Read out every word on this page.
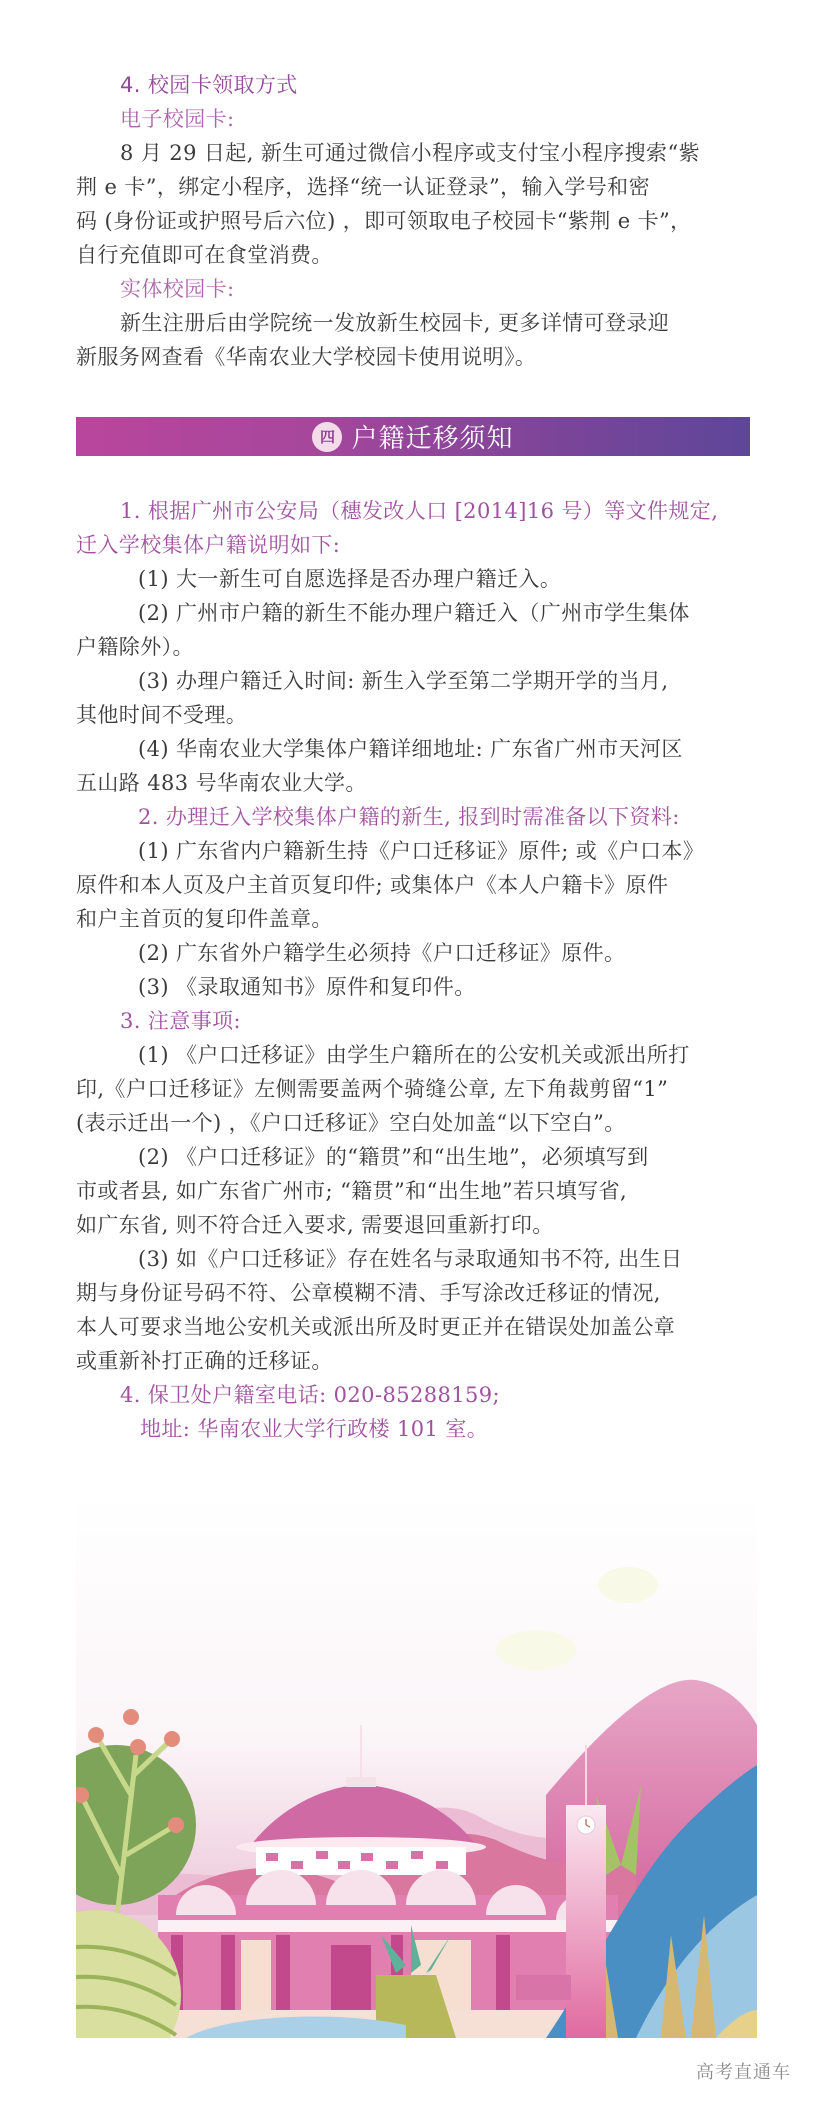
4. 校园卡领取方式
电子校园卡:
8 月 29 日起, 新生可通过微信小程序或支付宝小程序搜索“紫
荆 e 卡”，绑定小程序，选择“统一认证登录”，输入学号和密
码 (身份证或护照号后六位) ，即可领取电子校园卡“紫荆 e 卡”，
自行充值即可在食堂消费。
实体校园卡:
新生注册后由学院统一发放新生校园卡, 更多详情可登录迎
新服务网查看《华南农业大学校园卡使用说明》。
四 户籍迁移须知
1. 根据广州市公安局（穗发改人口 [2014]16 号）等文件规定,
迁入学校集体户籍说明如下:
(1) 大一新生可自愿选择是否办理户籍迁入。
(2) 广州市户籍的新生不能办理户籍迁入（广州市学生集体
户籍除外）。
(3) 办理户籍迁入时间: 新生入学至第二学期开学的当月,
其他时间不受理。
(4) 华南农业大学集体户籍详细地址: 广东省广州市天河区
五山路 483 号华南农业大学。
2. 办理迁入学校集体户籍的新生, 报到时需准备以下资料:
(1) 广东省内户籍新生持《户口迁移证》原件; 或《户口本》
原件和本人页及户主首页复印件; 或集体户《本人户籍卡》原件
和户主首页的复印件盖章。
(2) 广东省外户籍学生必须持《户口迁移证》原件。
(3) 《录取通知书》原件和复印件。
3. 注意事项:
(1) 《户口迁移证》由学生户籍所在的公安机关或派出所打
印,《户口迁移证》左侧需要盖两个骑缝公章, 左下角裁剪留“1”
(表示迁出一个) ，《户口迁移证》空白处加盖“以下空白”。
(2) 《户口迁移证》的“籍贯”和“出生地”，必须填写到
市或者县, 如广东省广州市; “籍贯”和“出生地”若只填写省,
如广东省, 则不符合迁入要求, 需要退回重新打印。
(3) 如《户口迁移证》存在姓名与录取通知书不符, 出生日
期与身份证号码不符、公章模糊不清、手写涂改迁移证的情况,
本人可要求当地公安机关或派出所及时更正并在错误处加盖公章
或重新补打正确的迁移证。
4. 保卫处户籍室电话: 020-85288159;
地址: 华南农业大学行政楼 101 室。
高考直通车
